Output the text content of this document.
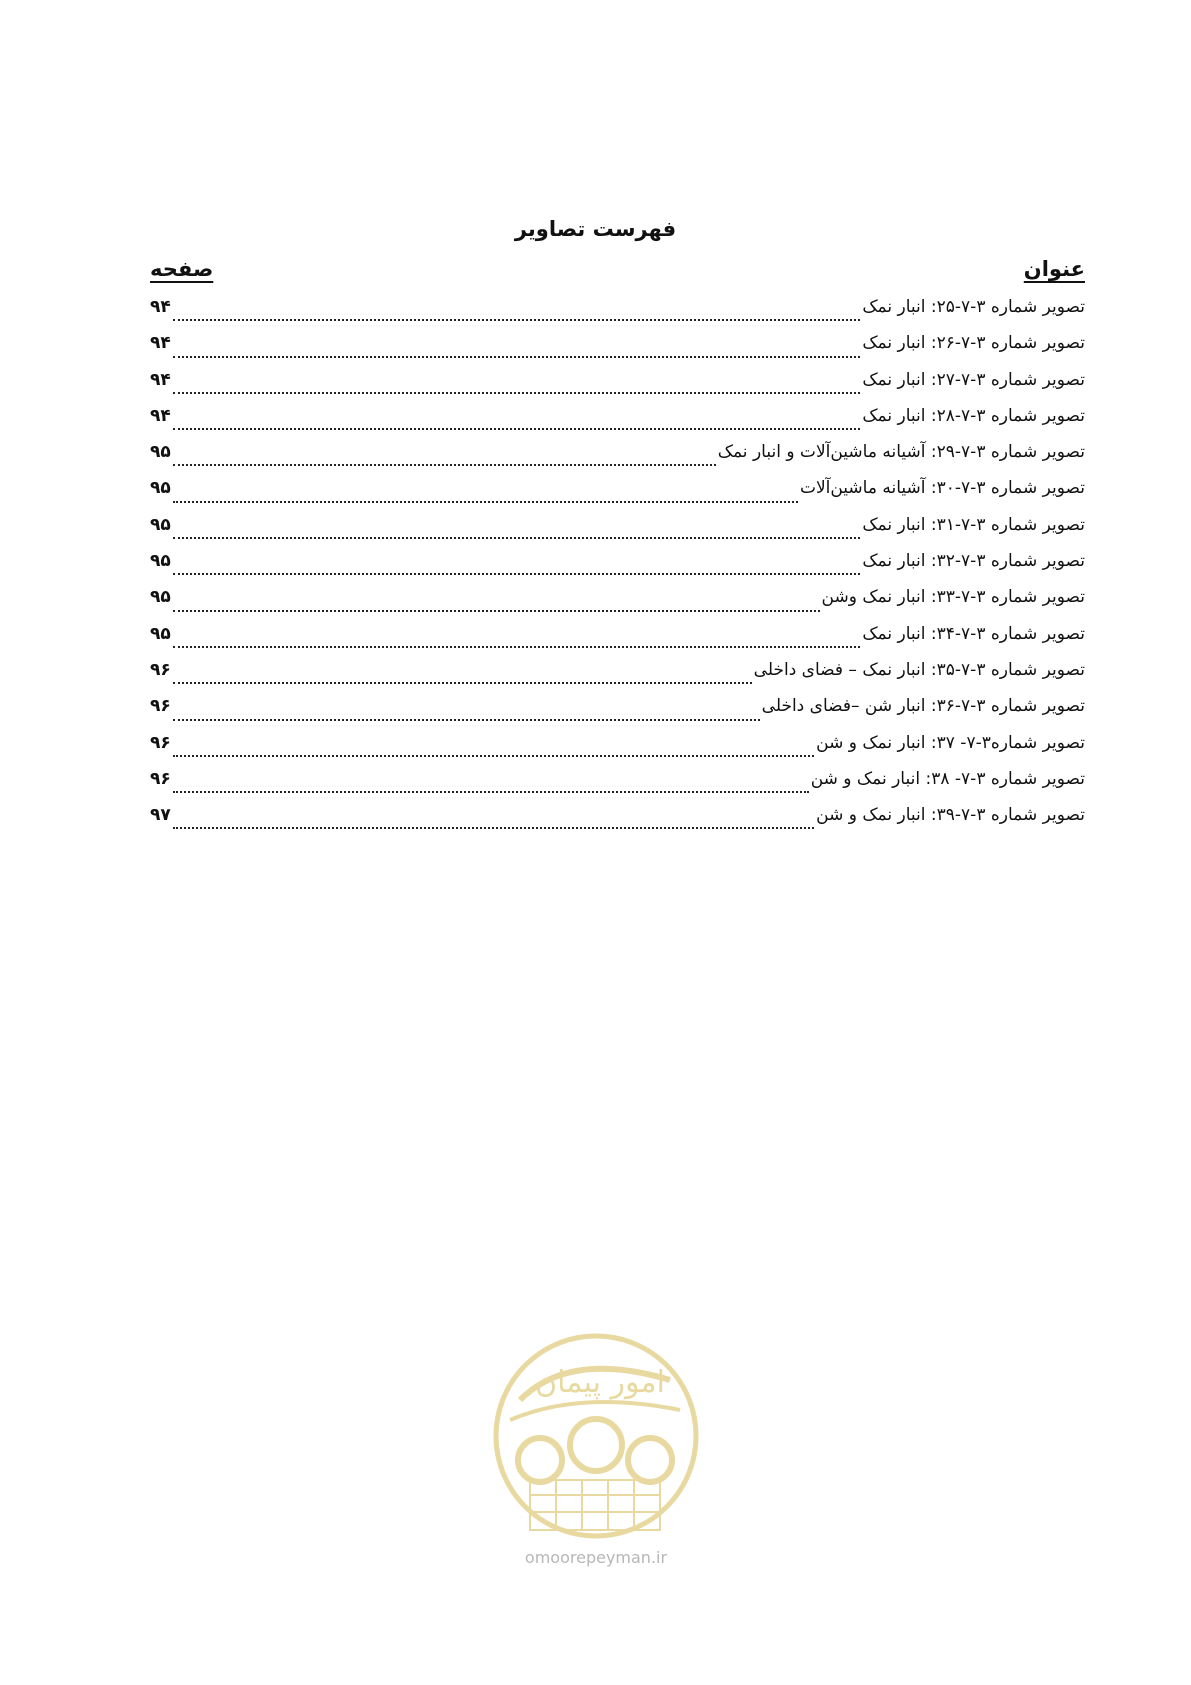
فهرست تصاویر
عنوان
صفحه
تصویر شماره ۳-۷-۲۵: انبار نمک
۹۴
تصویر شماره ۳-۷-۲۶: انبار نمک
۹۴
تصویر شماره ۳-۷-۲۷: انبار نمک
۹۴
تصویر شماره ۳-۷-۲۸: انبار نمک
۹۴
تصویر شماره ۳-۷-۲۹: آشیانه ماشین‌آلات و انبار نمک
۹۵
تصویر شماره ۳-۷-۳۰: آشیانه ماشین‌آلات
۹۵
تصویر شماره ۳-۷-۳۱: انبار نمک
۹۵
تصویر شماره ۳-۷-۳۲: انبار نمک
۹۵
تصویر شماره ۳-۷-۳۳: انبار نمک وشن
۹۵
تصویر شماره ۳-۷-۳۴: انبار نمک
۹۵
تصویر شماره ۳-۷-۳۵: انبار نمک – فضای داخلی
۹۶
تصویر شماره ۳-۷-۳۶: انبار شن –فضای داخلی
۹۶
تصویر شماره۳-۷- ۳۷: انبار نمک و شن
۹۶
تصویر شماره ۳-۷- ۳۸: انبار نمک و شن
۹۶
تصویر شماره ۳-۷-۳۹: انبار نمک و شن
۹۷
امور پیمان
omoorepeyman.ir
